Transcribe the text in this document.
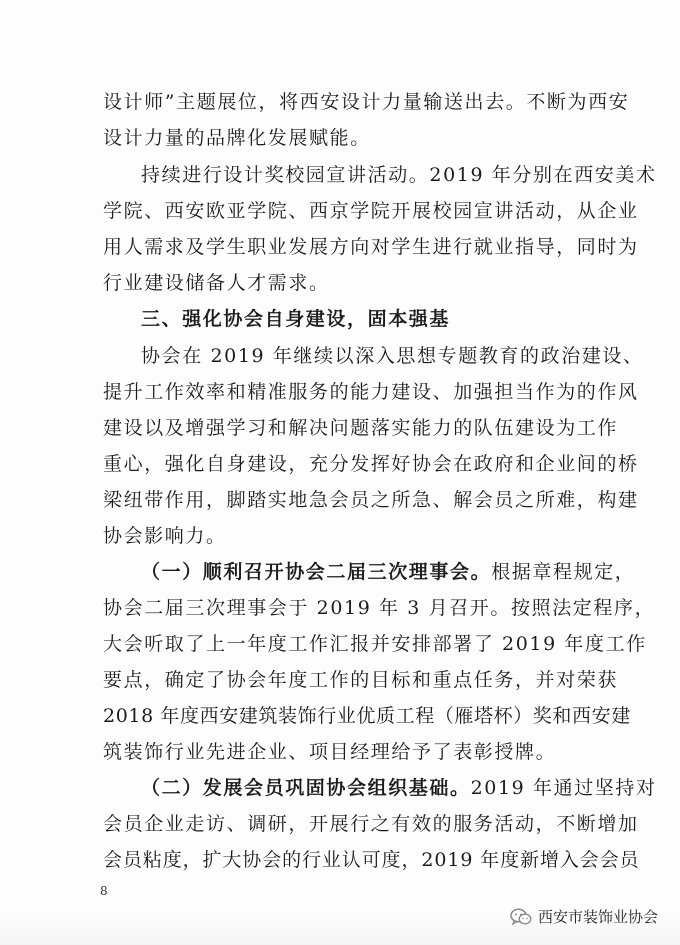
设计师”主题展位，将西安设计力量输送出去。不断为西安
设计力量的品牌化发展赋能。
持续进行设计奖校园宣讲活动。2019 年分别在西安美术
学院、西安欧亚学院、西京学院开展校园宣讲活动，从企业
用人需求及学生职业发展方向对学生进行就业指导，同时为
行业建设储备人才需求。
三、强化协会自身建设，固本强基
协会在 2019 年继续以深入思想专题教育的政治建设、
提升工作效率和精准服务的能力建设、加强担当作为的作风
建设以及增强学习和解决问题落实能力的队伍建设为工作
重心，强化自身建设，充分发挥好协会在政府和企业间的桥
梁纽带作用，脚踏实地急会员之所急、解会员之所难，构建
协会影响力。
（一）顺利召开协会二届三次理事会。根据章程规定，
协会二届三次理事会于 2019 年 3 月召开。按照法定程序，
大会听取了上一年度工作汇报并安排部署了 2019 年度工作
要点，确定了协会年度工作的目标和重点任务，并对荣获
2018 年度西安建筑装饰行业优质工程（雁塔杯）奖和西安建
筑装饰行业先进企业、项目经理给予了表彰授牌。
（二）发展会员巩固协会组织基础。2019 年通过坚持对
会员企业走访、调研，开展行之有效的服务活动，不断增加
会员粘度，扩大协会的行业认可度，2019 年度新增入会会员
8
西安市装饰业协会
